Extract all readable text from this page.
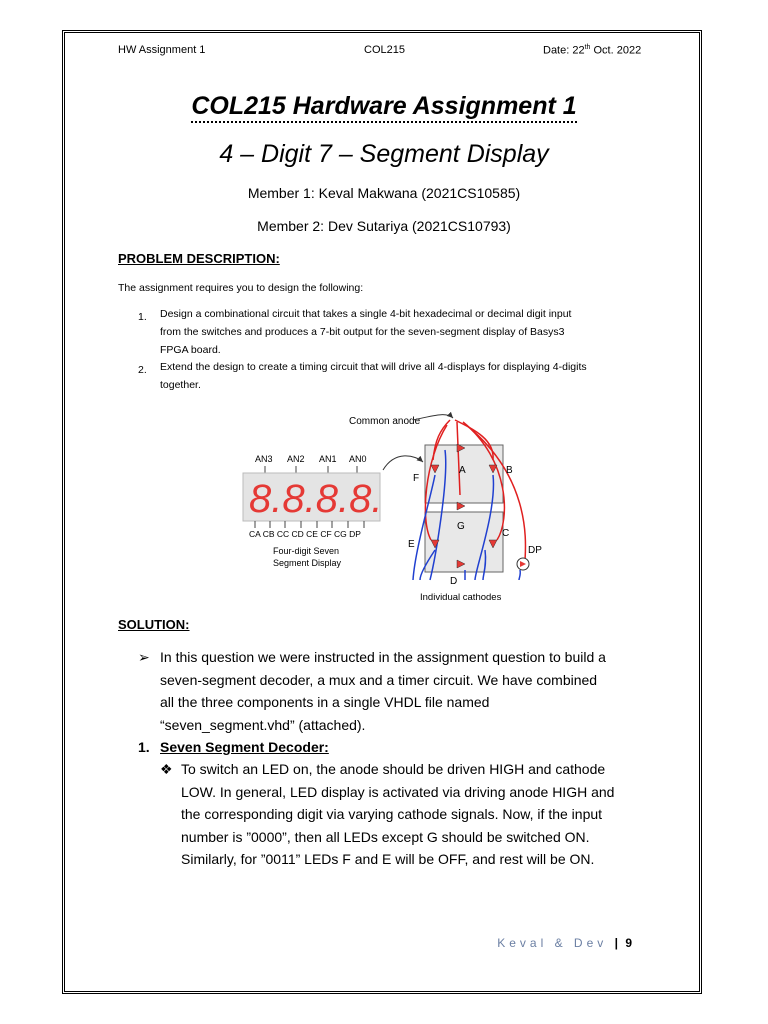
HW Assignment 1	COL215	Date: 22th Oct. 2022
COL215 Hardware Assignment 1
4 – Digit 7 – Segment Display
Member 1: Keval Makwana (2021CS10585)
Member 2: Dev Sutariya (2021CS10793)
PROBLEM DESCRIPTION:
The assignment requires you to design the following:
1. Design a combinational circuit that takes a single 4-bit hexadecimal or decimal digit input
from the switches and produces a 7-bit output for the seven-segment display of Basys3
FPGA board.
2. Extend the design to create a timing circuit that will drive all 4-displays for displaying 4-digits
together.
AN3 AN2 AN1 AN0
8.8.8.8.
CA CB CC CD CE CF CG DP
Four-digit Seven
Segment Display
Common anode
A	B
F
G
C
E
D
DP
Individual cathodes
SOLUTION:
➢ In this question we were instructed in the assignment question to build a
seven-segment decoder, a mux and a timer circuit. We have combined
all the three components in a single VHDL file named
“seven_segment.vhd” (attached).
1. Seven Segment Decoder:
❖ To switch an LED on, the anode should be driven HIGH and cathode
LOW. In general, LED display is activated via driving anode HIGH and
the corresponding digit via varying cathode signals. Now, if the input
number is ”0000”, then all LEDs except G should be switched ON.
Similarly, for ”0011” LEDs F and E will be OFF, and rest will be ON.
Keval & Dev | 9
